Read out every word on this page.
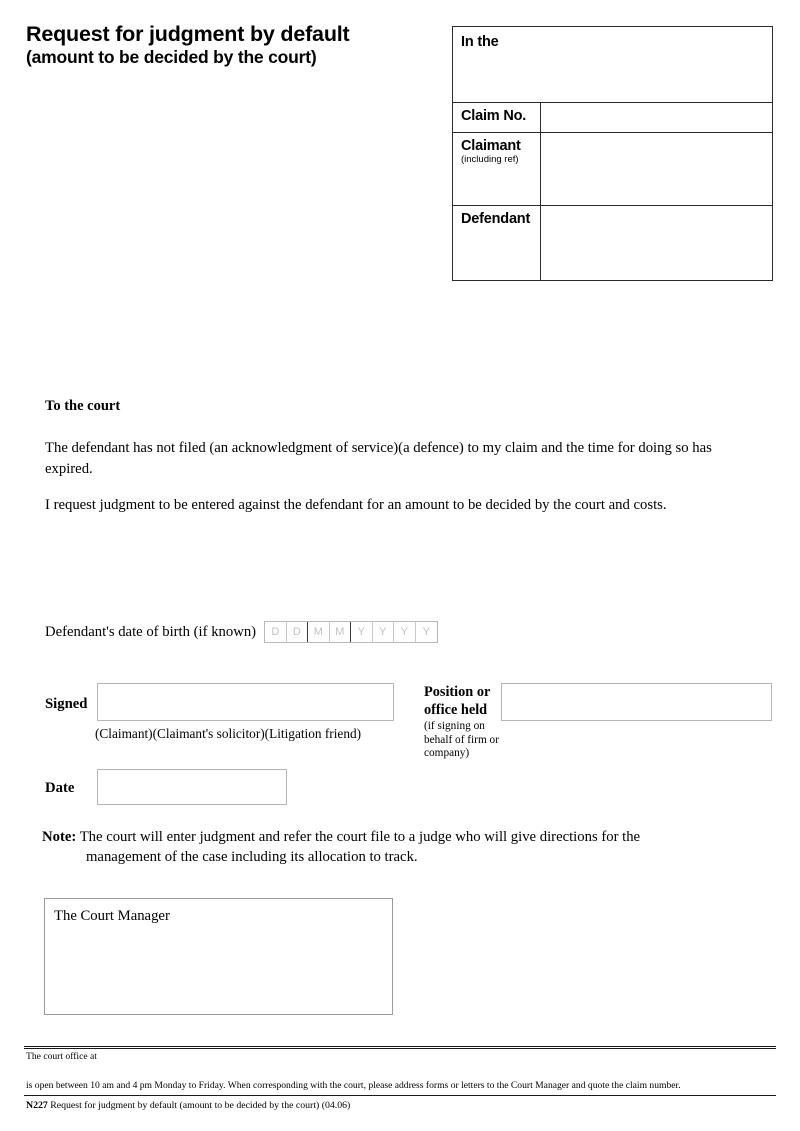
Request for judgment by default
(amount to be decided by the court)
In the
Claim No.
Claimant
(including ref)
Defendant
To the court
The defendant has not filed (an acknowledgment of service)(a defence) to my claim and the time for doing so has expired.
I request judgment to be entered against the defendant for an amount to be decided by the court and costs.
Defendant's date of birth (if known)	D	D	M	M	Y	Y	Y	Y
Signed
(Claimant)(Claimant's solicitor)(Litigation friend)
Position or office held
(if signing on behalf of firm or company)
Date
Note: The court will enter judgment and refer the court file to a judge who will give directions for the
management of the case including its allocation to track.
The Court Manager
The court office at
is open between 10 am and 4 pm Monday to Friday. When corresponding with the court, please address forms or letters to the Court Manager and quote the claim number.
N227 Request for judgment by default (amount to be decided by the court) (04.06)
